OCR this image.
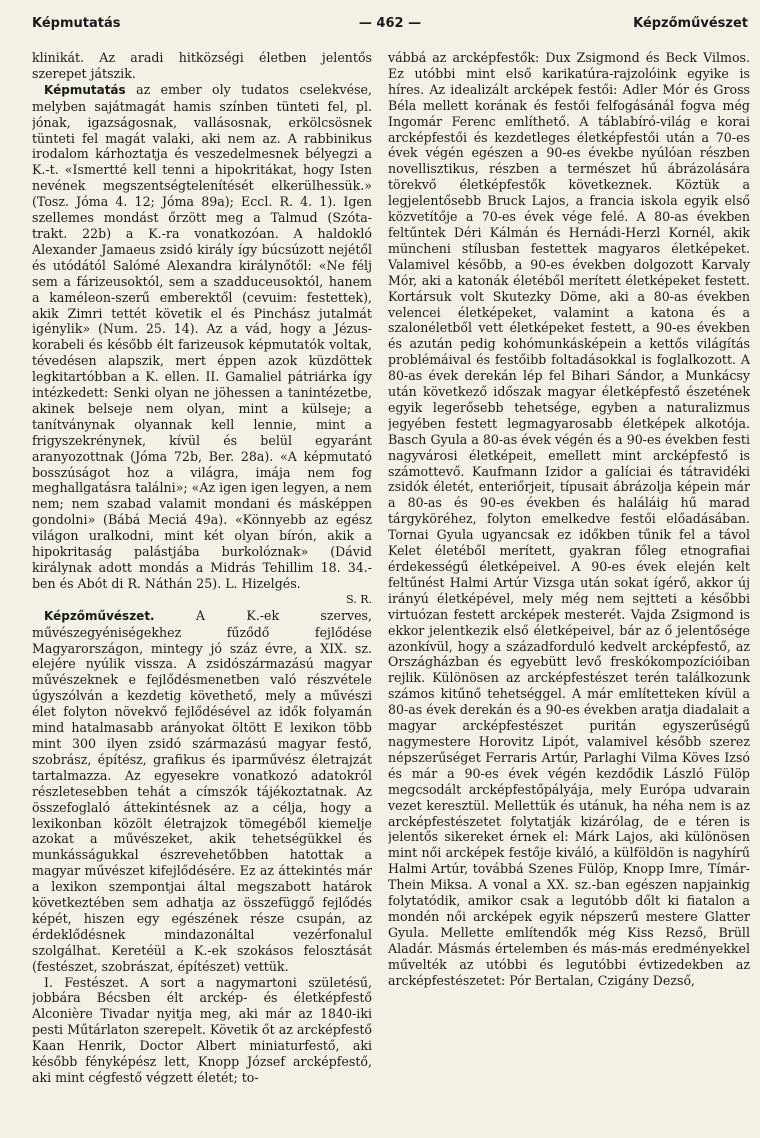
Képmutatás	— 462 —	Képzőművészet

klinikát. Az aradi hitközségi életben jelentős szerepet játszik.

Képmutatás az ember oly tudatos cselekvése, melyben sajátmagát hamis színben tünteti fel, pl. jónak, igazságosnak, vallásosnak, erkölcsösnek tünteti fel magát valaki, aki nem az. A rabbinikus irodalom kárhoztatja és veszedelmesnek bélyegzi a K.-t. «Ismertté kell tenni a hipokritákat, hogy Isten nevének megszentségtelenítését elkerülhessük.» (Tosz. Jóma 4. 12; Jóma 89a); Eccl. R. 4. 1). Igen szellemes mondást őrzött meg a Talmud (Szóta-trakt. 22b) a K.-ra vonatkozóan. A haldokló Alexander Jamaeus zsidó király így búcsúzott nejétől és utódától Salómé Alexandra királynőtől: «Ne félj sem a fárizeusoktól, sem a szadduceusoktól, hanem a kaméleon-szerű emberektől (cevuim: festettek), akik Zimri tettét követik el és Pinchász jutalmát igénylik» (Num. 25. 14). Az a vád, hogy a Jézus-korabeli és később élt farizeusok képmutatók voltak, tévedésen alapszik, mert éppen azok küzdöttek legkitartóbban a K. ellen. II. Gamaliel pátriárka így intézkedett: Senki olyan ne jöhessen a tanintézetbe, akinek belseje nem olyan, mint a külseje; a tanítványnak olyannak kell lennie, mint a frigyszekrénynek, kívül és belül egyaránt aranyozottnak (Jóma 72b, Ber. 28a). «A képmutató bosszúságot hoz a világra, imája nem fog meghallgatásra találni»; «Az igen igen legyen, a nem nem; nem szabad valamit mondani és másképpen gondolni» (Bábá Meciá 49a). «Könnyebb az egész világon uralkodni, mint két olyan bírón, akik a hipokritaság palástjába burkolóznak» (Dávid királynak adott mondás a Midrás Tehillim 18. 34.-ben és Abót di R. Náthán 25). L. Hizelgés.

S. R.

Képzőművészet. A K.-ek szerves, művészegyéniségekhez fűződő fejlődése Magyarországon, mintegy jó száz évre, a XIX. sz. elejére nyúlik vissza. A zsidószármazású magyar művészeknek e fejlődésmenetben való részvétele úgyszólván a kezdetig követhető, mely a művészi élet folyton növekvő fejlődésével az idők folyamán mind hatalmasabb arányokat öltött E lexikon több mint 300 ilyen zsidó származású magyar festő, szobrász, építész, grafikus és iparművész életrajzát tartalmazza. Az egyesekre vonatkozó adatokról részletesebben tehát a címszók tájékoztatnak. Az összefoglaló áttekintésnek az a célja, hogy a lexikonban közölt életrajzok tömegéből kiemelje azokat a művészeket, akik tehetségükkel és munkásságukkal észrevehetőbben hatottak a magyar művészet kifejlődésére. Ez az áttekintés már a lexikon szempontjai által megszabott határok következtében sem adhatja az összefüggő fejlődés képét, hiszen egy egészének része csupán, az érdeklődésnek mindazonáltal vezérfonalul szolgálhat. Keretéül a K.-ek szokásos felosztását (festészet, szobrászat, építészet) vettük.

I. Festészet. A sort a nagymartoni születésű, jobbára Bécsben élt arckép- és életképfestő Alconière Tivadar nyitja meg, aki már az 1840-iki pesti Műtárlaton szerepelt. Követik őt az arcképfestő Kaan Henrik, Doctor Albert miniaturfestő, aki később fényképész lett, Knopp József arcképfestő, aki mint cégfestő végzett életét; to-

vábbá az arcképfestők: Dux Zsigmond és Beck Vilmos. Ez utóbbi mint első karikatúra-rajzolóink egyike is híres. Az idealizált arcképek festői: Adler Mór és Gross Béla mellett korának és festői felfogásánál fogva még Ingomár Ferenc említhető. A táblabíró-világ e korai arcképfestői és kezdetleges életképfestői után a 70-es évek végén egészen a 90-es évekbe nyúlóan részben novellisztikus, részben a természet hű ábrázolására törekvő életképfestők következnek. Köztük a legjelentősebb Bruck Lajos, a francia iskola egyik első közvetítője a 70-es évek vége felé. A 80-as években feltűntek Déri Kálmán és Hernádi-Herzl Kornél, akik müncheni stílusban festettek magyaros életképeket. Valamivel később, a 90-es években dolgozott Karvaly Mór, aki a katonák életéből merített életképeket festett. Kortársuk volt Skutezky Döme, aki a 80-as években velencei életképeket, valamint a katona és a szalonéletből vett életképeket festett, a 90-es években és azután pedig kohómunkásképein a kettős világítás problémáival és festőibb foltadásokkal is foglalkozott. A 80-as évek derekán lép fel Bihari Sándor, a Munkácsy után következő időszak magyar életképfestő észetének egyik legerősebb tehetsége, egyben a naturalizmus jegyében festett legmagyarosabb életképek alkotója. Basch Gyula a 80-as évek végén és a 90-es években festi nagyvárosi életképeit, emellett mint arcképfestő is számottevő. Kaufmann Izidor a galíciai és tátravidéki zsidók életét, enteriőrjeit, típusait ábrázolja képein már a 80-as és 90-es években és haláláig hű marad tárgyköréhez, folyton emelkedve festői előadásában. Tornai Gyula ugyancsak ez időkben tűnik fel a távol Kelet életéből merített, gyakran főleg etnografiai érdekességű életképeivel. A 90-es évek elején kelt feltűnést Halmi Artúr Vizsga után sokat ígérő, akkor új irányú életképével, mely még nem sejtteti a későbbi virtuózan festett arcképek mesterét. Vajda Zsigmond is ekkor jelentkezik első életképeivel, bár az ő jelentősége azonkívül, hogy a századforduló kedvelt arcképfestő, az Országházban és egyebütt levő freskókompozícióiban rejlik. Különösen az arcképfestészet terén találkozunk számos kitűnő tehetséggel. A már említetteken kívül a 80-as évek derekán és a 90-es években aratja diadalait a magyar arcképfestészet puritán egyszerűségű nagymestere Horovitz Lipót, valamivel később szerez népszerűséget Ferraris Artúr, Parlaghi Vilma Köves Izsó és már a 90-es évek végén kezdődik László Fülöp megcsodált arcképfestőpályája, mely Európa udvarain vezet keresztül. Mellettük és utánuk, ha néha nem is az arcképfestészetet folytatják kizárólag, de e téren is jelentős sikereket érnek el: Márk Lajos, aki különösen mint női arcképek festője kiváló, a külföldön is nagyhírű Halmi Artúr, továbbá Szenes Fülöp, Knopp Imre, Tímár-Thein Miksa. A vonal a XX. sz.-ban egészen napjainkig folytatódik, amikor csak a legutóbb dőlt ki fiatalon a mondén női arcképek egyik népszerű mestere Glatter Gyula. Mellette említendők még Kiss Rezső, Brüll Aladár. Másmás értelemben és más-más eredményekkel művelték az utóbbi és legutóbbi évtizedekben az arcképfestészetet: Pór Bertalan, Czigány Dezső,
